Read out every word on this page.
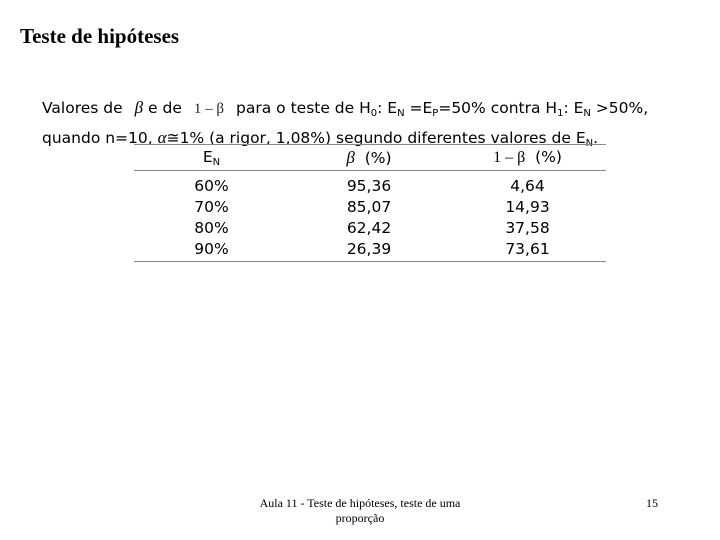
Teste de hipóteses
Valores de β e de 1 – β para o teste de $H_0$: $E_N =E_P=50\%$ contra $H_1$: $E_N >50\%$,
quando n=10, α≅1% (a rigor, 1,08%) segundo diferentes valores de $E_N$.
$E_N$	β (%)	1 – β (%)
60%	95,36	4,64
70%	85,07	14,93
80%	62,42	37,58
90%	26,39	73,61
Aula 11 - Teste de hipóteses, teste de uma proporção
15
